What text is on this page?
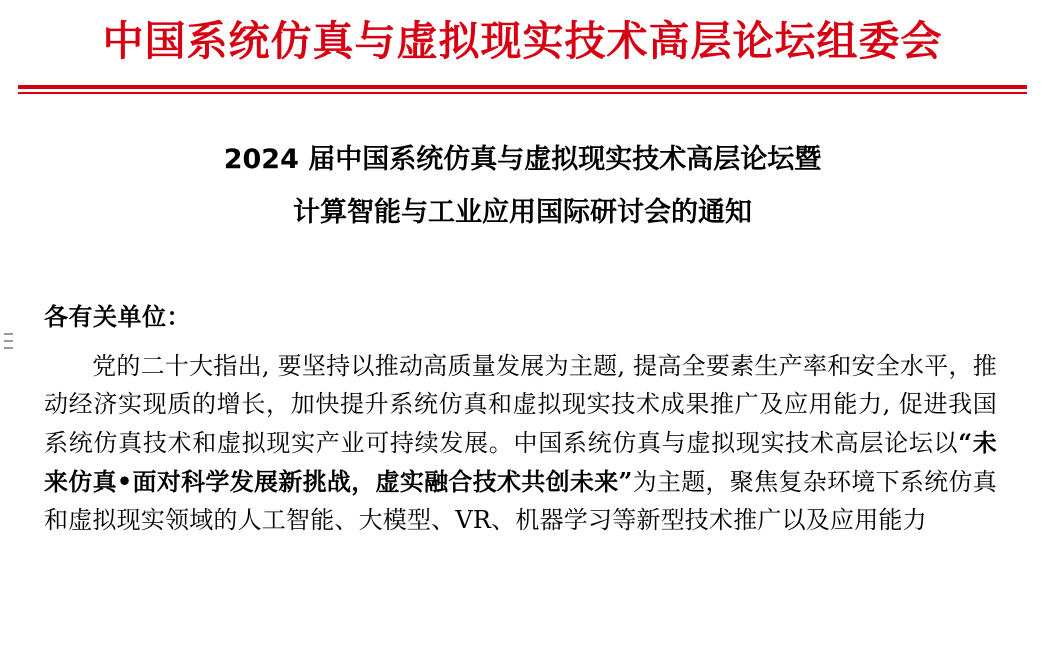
中国系统仿真与虚拟现实技术高层论坛组委会
2024 届中国系统仿真与虚拟现实技术高层论坛暨
计算智能与工业应用国际研讨会的通知
各有关单位：
党的二十大指出, 要坚持以推动高质量发展为主题, 提高全要素生产率和安全水平，推动经济实现质的增长，加快提升系统仿真和虚拟现实技术成果推广及应用能力, 促进我国系统仿真技术和虚拟现实产业可持续发展。中国系统仿真与虚拟现实技术高层论坛以“未来仿真•面对科学发展新挑战，虚实融合技术共创未来”为主题，聚焦复杂环境下系统仿真和虚拟现实领域的人工智能、大模型、VR、机器学习等新型技术推广以及应用能力
